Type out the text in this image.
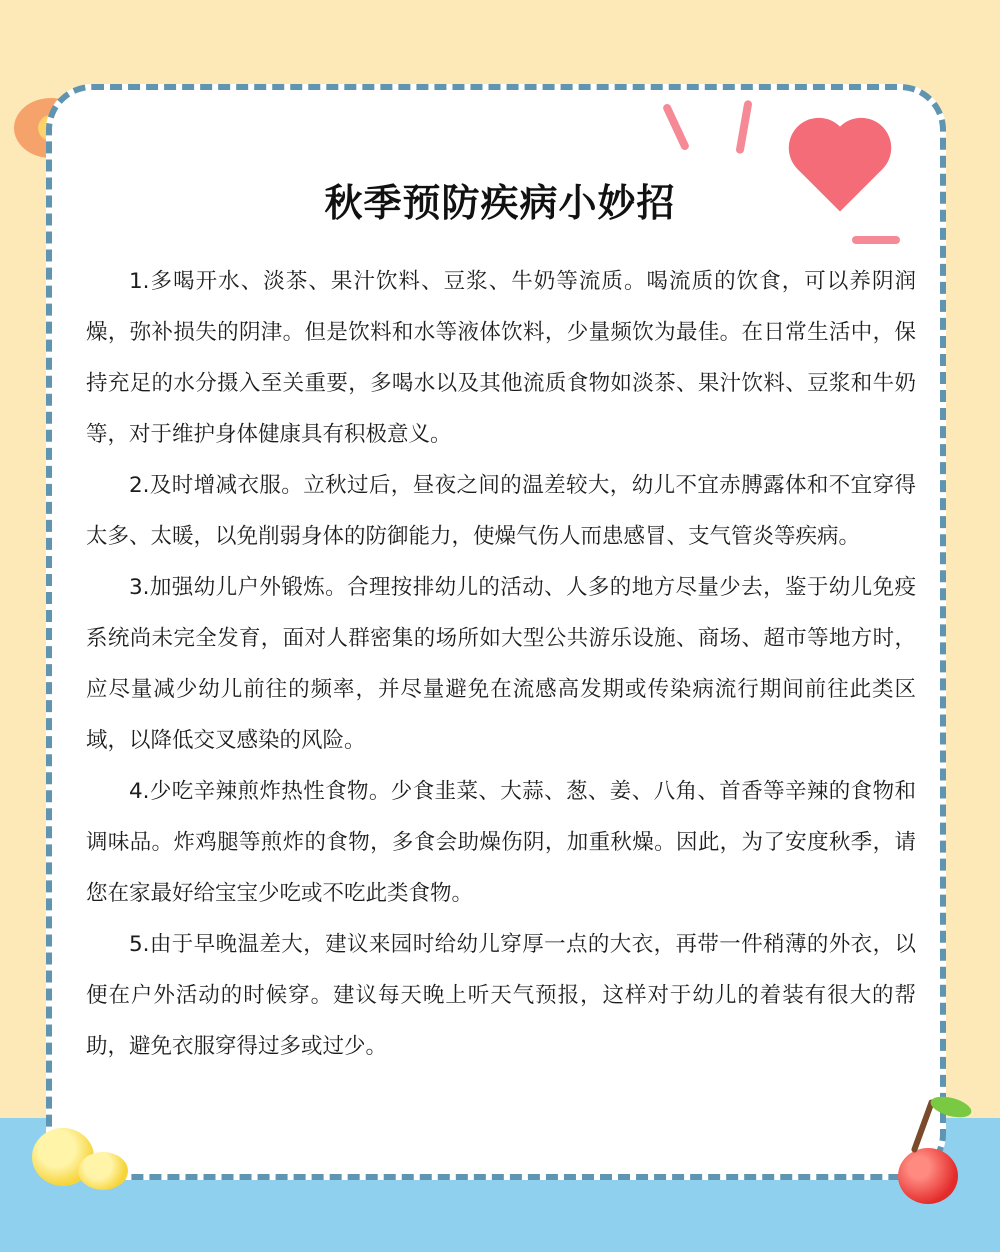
秋季预防疾病小妙招

1.多喝开水、淡茶、果汁饮料、豆浆、牛奶等流质。喝流质的饮食，可以养阴润燥，弥补损失的阴津。但是饮料和水等液体饮料，少量频饮为最佳。在日常生活中，保持充足的水分摄入至关重要，多喝水以及其他流质食物如淡茶、果汁饮料、豆浆和牛奶等，对于维护身体健康具有积极意义。

2.及时增减衣服。立秋过后，昼夜之间的温差较大，幼儿不宜赤膊露体和不宜穿得太多、太暖，以免削弱身体的防御能力，使燥气伤人而患感冒、支气管炎等疾病。

3.加强幼儿户外锻炼。合理按排幼儿的活动、人多的地方尽量少去，鉴于幼儿免疫系统尚未完全发育，面对人群密集的场所如大型公共游乐设施、商场、超市等地方时，应尽量减少幼儿前往的频率，并尽量避免在流感高发期或传染病流行期间前往此类区域，以降低交叉感染的风险。

4.少吃辛辣煎炸热性食物。少食韭菜、大蒜、葱、姜、八角、首香等辛辣的食物和调味品。炸鸡腿等煎炸的食物，多食会助燥伤阴，加重秋燥。因此，为了安度秋季，请您在家最好给宝宝少吃或不吃此类食物。

5.由于早晚温差大，建议来园时给幼儿穿厚一点的大衣，再带一件稍薄的外衣，以便在户外活动的时候穿。建议每天晚上听天气预报，这样对于幼儿的着装有很大的帮助，避免衣服穿得过多或过少。
